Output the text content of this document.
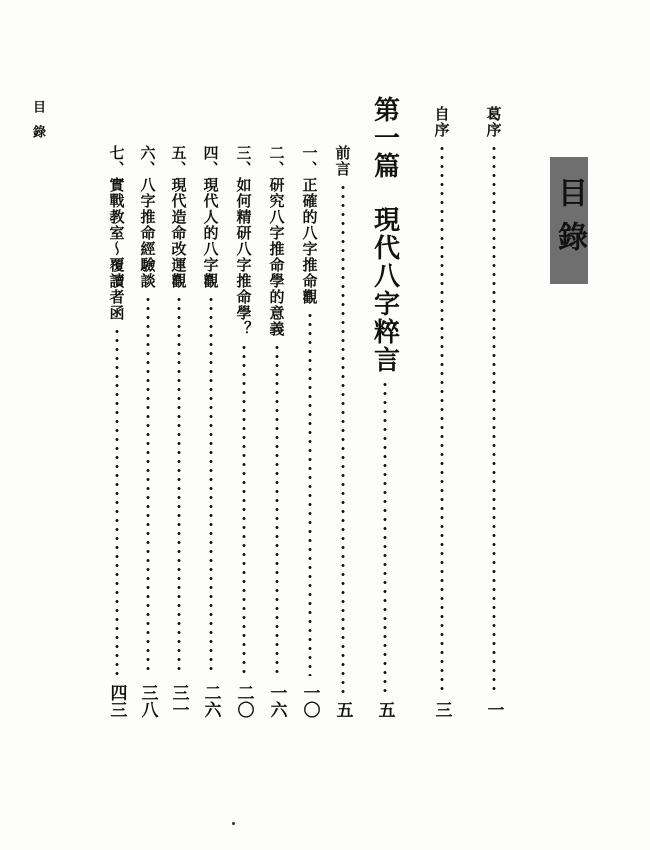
目錄
目錄
葛序
一
自序
三
第一篇現代八字粹言
五
前言
五
一、正確的八字推命觀
一〇
二、研究八字推命學的意義
一六
三、如何精研八字推命學？
二〇
四、現代人的八字觀
二六
五、現代造命改運觀
三一
六、八字推命經驗談
三八
七、實戰教室～覆讀者函
四三
